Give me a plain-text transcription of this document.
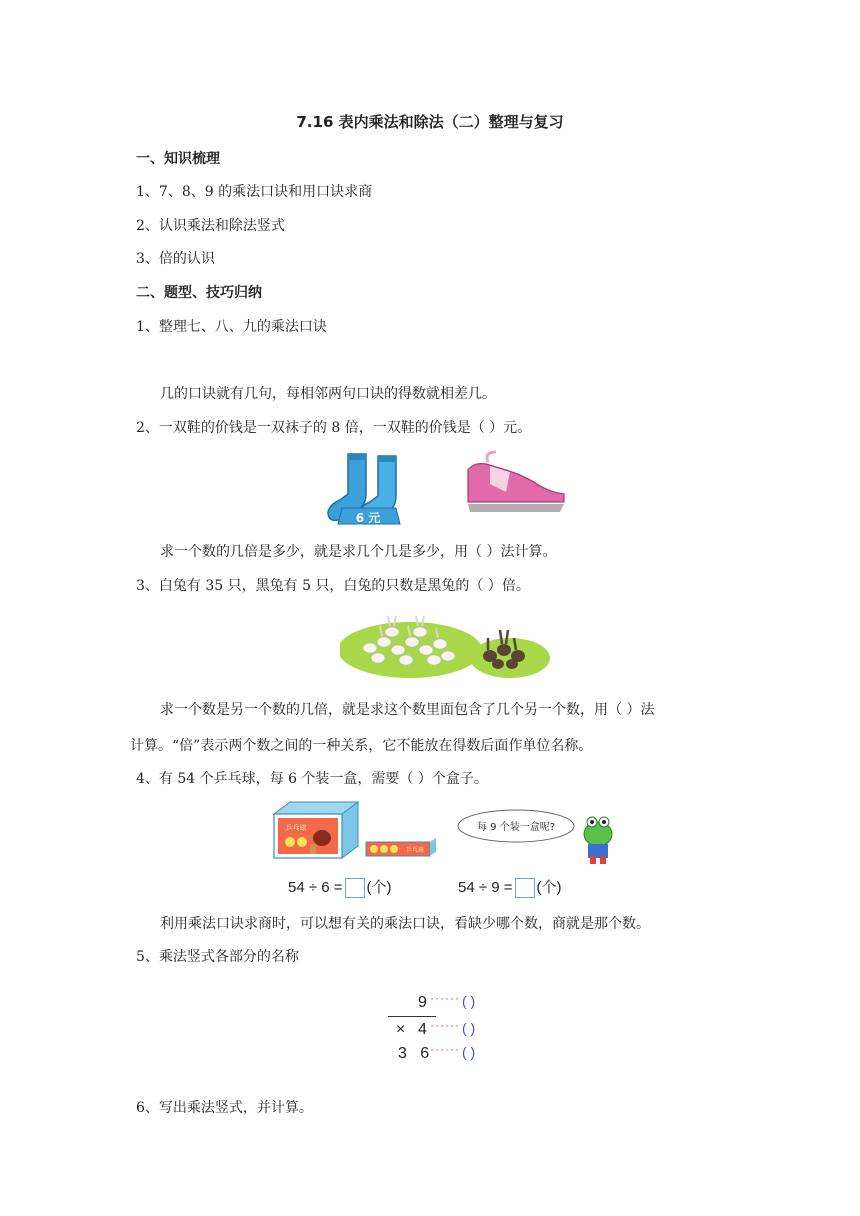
7.16 表内乘法和除法（二）整理与复习
一、知识梳理
1、7、8、9 的乘法口诀和用口诀求商
2、认识乘法和除法竖式
3、倍的认识
二、题型、技巧归纳
1、整理七、八、九的乘法口诀
几的口诀就有几句，每相邻两句口诀的得数就相差几。
2、一双鞋的价钱是一双袜子的 8 倍，一双鞋的价钱是（ ）元。
6 元
求一个数的几倍是多少，就是求几个几是多少，用（ ）法计算。
3、白兔有 35 只，黑兔有 5 只，白兔的只数是黑兔的（ ）倍。
求一个数是另一个数的几倍，就是求这个数里面包含了几个另一个数，用（ ）法
计算。“倍”表示两个数之间的一种关系，它不能放在得数后面作单位名称。
4、有 54 个乒乓球，每 6 个装一盒，需要（ ）个盒子。
乒乓球
乒乓球
每 9 个装一盒呢?
54 ÷ 6 = (个)	54 ÷ 9 = (个)
利用乘法口诀求商时，可以想有关的乘法口诀，看缺少哪个数，商就是那个数。
5、乘法竖式各部分的名称
9 ······ ( )
× 4 ······ ( )
3   6 ······ ( )
6、写出乘法竖式，并计算。
